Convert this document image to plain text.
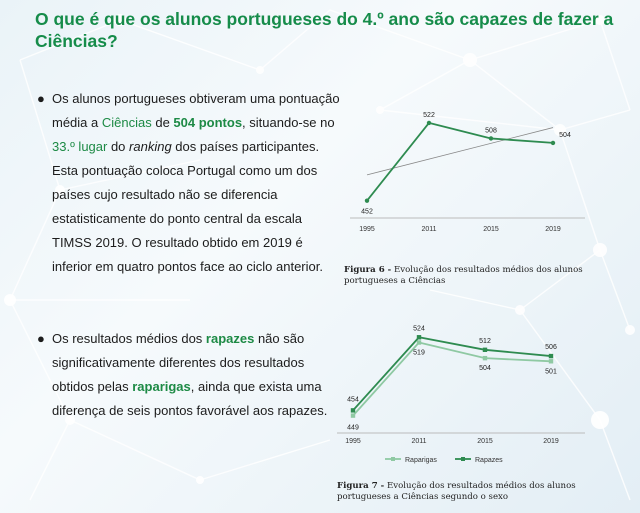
O que é que os alunos portugueses do 4.º ano são capazes de fazer a Ciências?
● Os alunos portugueses obtiveram uma pontuação média a Ciências de 504 pontos, situando-se no 33.º lugar do ranking dos países participantes. Esta pontuação coloca Portugal como um dos países cujo resultado não se diferencia estatisticamente do ponto central da escala TIMSS 2019. O resultado obtido em 2019 é inferior em quatro pontos face ao ciclo anterior.
● Os resultados médios dos rapazes não são significativamente diferentes dos resultados obtidos pelas raparigas, ainda que exista uma diferença de seis pontos favorável aos rapazes.
1995	2011	2015	2019
452
522
508
504
Figura 6 - Evolução dos resultados médios dos alunos portugueses a Ciências
1995	2011	2015	2019
454
524
512
506
449
519
504	501
Raparigas	Rapazes
Figura 7 - Evolução dos resultados médios dos alunos portugueses a Ciências segundo o sexo
